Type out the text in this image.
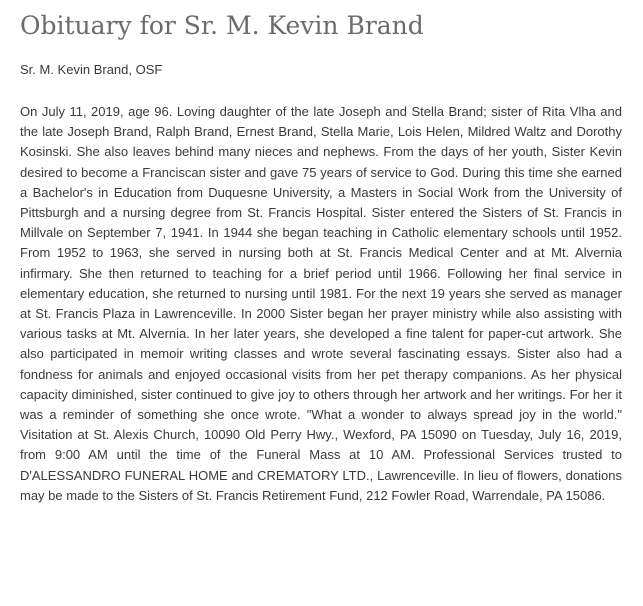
Obituary for Sr. M. Kevin Brand

Sr. M. Kevin Brand, OSF

On July 11, 2019, age 96. Loving daughter of the late Joseph and Stella Brand; sister of Rita Vlha and the late Joseph Brand, Ralph Brand, Ernest Brand, Stella Marie, Lois Helen, Mildred Waltz and Dorothy Kosinski. She also leaves behind many nieces and nephews. From the days of her youth, Sister Kevin desired to become a Franciscan sister and gave 75 years of service to God. During this time she earned a Bachelor's in Education from Duquesne University, a Masters in Social Work from the University of Pittsburgh and a nursing degree from St. Francis Hospital. Sister entered the Sisters of St. Francis in Millvale on September 7, 1941. In 1944 she began teaching in Catholic elementary schools until 1952. From 1952 to 1963, she served in nursing both at St. Francis Medical Center and at Mt. Alvernia infirmary. She then returned to teaching for a brief period until 1966. Following her final service in elementary education, she returned to nursing until 1981. For the next 19 years she served as manager at St. Francis Plaza in Lawrenceville. In 2000 Sister began her prayer ministry while also assisting with various tasks at Mt. Alvernia. In her later years, she developed a fine talent for paper-cut artwork. She also participated in memoir writing classes and wrote several fascinating essays. Sister also had a fondness for animals and enjoyed occasional visits from her pet therapy companions. As her physical capacity diminished, sister continued to give joy to others through her artwork and her writings. For her it was a reminder of something she once wrote. "What a wonder to always spread joy in the world." Visitation at St. Alexis Church, 10090 Old Perry Hwy., Wexford, PA 15090 on Tuesday, July 16, 2019, from 9:00 AM until the time of the Funeral Mass at 10 AM. Professional Services trusted to D'ALESSANDRO FUNERAL HOME and CREMATORY LTD., Lawrenceville. In lieu of flowers, donations may be made to the Sisters of St. Francis Retirement Fund, 212 Fowler Road, Warrendale, PA 15086.
